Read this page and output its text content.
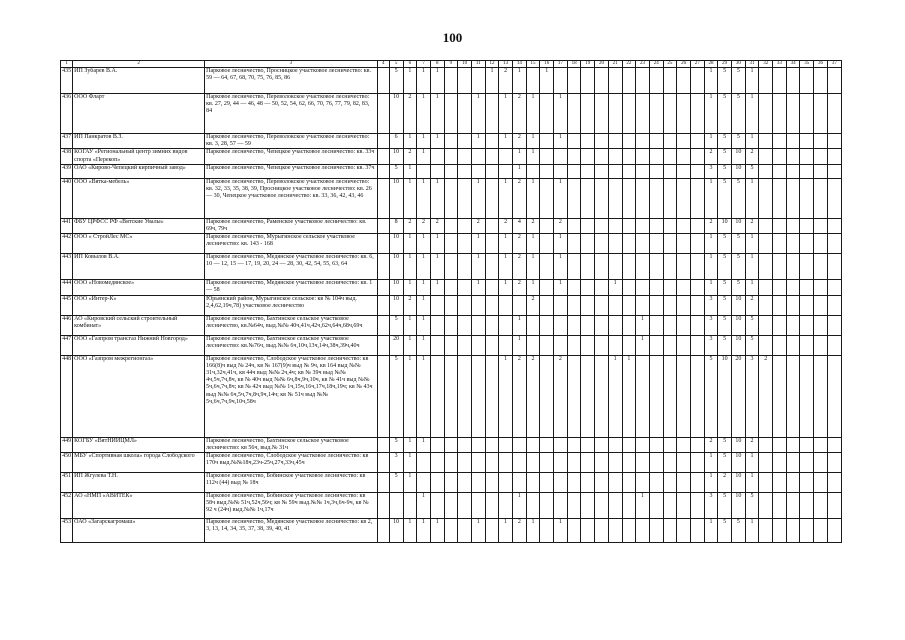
100
1	2	3	4	5	6	7	8	9	10	11	12	13	14	15	16	17	18	19	20	21	22	23	24	25	26	27	28	29	30	31	32	33	34	35	36	37
435	ИП Зубарев В.А.	Парковое лесничество, Просницкое участковое лесничество: кв. 59 — 64, 67, 68, 70, 75, 76, 85, 86		5	1	1	1				1	2	1		1												1	5	5	1						
436	ООО Фларт	Парковое лесничество, Переволокское участковое лесничество: кв. 27, 29, 44 — 46, 48 — 50, 52, 54, 62, 66, 70, 76, 77, 79, 82, 83, 84		10	2	1	1			1		1	2	1		1											1	5	5	1						
437	ИП Панкратов В.З.	Парковое лесничество, Переволокское участковое лесничество: кв. 3, 28, 57 — 59		6	1	1	1			1		1	2	1		1											1	5	5	1						
438	КОГАУ «Региональный центр зимних видов спорта «Перекоп»	Парковое лесничество, Чепецкое участковое лесничество: кв. 33ч		10	2	1							1	1													2	5	10	2						
439	ОАО «Кирово-Чепецкий кирпичный завод»	Парковое лесничество, Чепецкое участковое лесничество: кв. 37ч		5	1								1														3	5	10	5						
440	ООО «Вятка-мебель»	Парковое лесничество, Переволокское участковое лесничество: кв. 32, 33, 35, 38, 39, Просницкое участковое лесничество: кв. 26 — 30, Чепецкое участковое лесничество: кв. 33, 36, 42, 43, 46		10	1	1	1			1		1	2	1		1											1	5	5	1						
441	ФБУ ЦРФСС РФ «Вятские Увалы»	Парковое лесничество, Раменское участковое лесничество: кв. 69ч, 79ч		8	2	2	2			2		2	4	2		2											2	10	10	2						
442	ООО « СтройЛес МС»	Парковое лесничество, Мурыгинское сельское участковое лесничество: кв. 143 - 168		10	1	1	1			1		1	2	1		1											1	5	5	1						
443	ИП Ковылов В.А.	Парковое лесничество, Медянское участковое лесничество: кв. 6, 10 — 12, 15 — 17, 19, 20, 24 — 28, 30, 42, 54, 55, 63, 64		10	1	1	1			1		1	2	1		1											1	5	5	1						
444	ООО «Новомедянское»	Парковое лесничество, Медянское участковое лесничество: кв. 1 — 58		10	1	1	1			1		1	2	1		1				1							1	5	5	1						
445	ООО «Интер-К»	Юрьянский район, Мурыгинское сельское: кв № 104ч выд. 2,4,62,19ч,78) участковое лесничество		10	2	1								2													3	5	10	2						
446	АО «Кировский сельский строительный комбинат»	Парковое лесничество, Бахтинское сельское участковое лесничество, кв.№64ч, выд.№№ 40ч,41ч,42ч,62ч,64ч,68ч,69ч		5	1	1							1									1					3	5	10	5						
447	ООО «Газпром трансгаз Нижний Новгород»	Парковое лесничество, Бахтинское сельское участковое лесничество: кв.№76ч, выд.№№ 6ч,10ч,13ч,14ч,38ч,39ч,40ч		20	1	1							1									1					3	5	10	5						
448	ООО «Газпром межрегионгаз»	Парковое лесничество, Слободское участковое лесничество: кв 166(8)ч выд № 24ч, кв № 167(9)ч выд № 9ч, кв 164 выд №№ 31ч,32ч,41ч, кв 44ч выд №№ 2ч,4ч; кв № 39ч выд №№ 4ч,5ч,7ч,8ч, кв № 40ч выд №№ 6ч,8ч,9ч,10ч, кв № 41ч выд №№ 5ч,6ч,7ч,8ч; кв № 42ч выд №№ 1ч,15ч,16ч,17ч,18ч,19ч; кв № 43ч выд №№ 6ч,5ч,7ч,8ч,9ч,14ч; кв № 51ч выд №№ 5ч,6ч,7ч,9ч,10ч,58ч		5	1	1						1	2	2		2				1	1						5	10	20	3	2					
449	КОГБУ «ВятНИИЦМЛ»	Парковое лесничество, Бахтинское сельское участковое лесничество: кв 56ч, выд.№ 31ч		5	1	1																					2	5	10	2						
450	МБУ «Спортивная школа» города Слободского	Парковое лесничество, Слободское участковое лесничество: кв 170ч выд.№№18ч,23ч-25ч,27ч,33ч,45ч		3	1																						1	5	10	1						
451	ИП Жгулева Т.Н.	Парковое лесничество, Бобинское участковое лесничество: кв 112ч (44) выд № 18ч		5	1																						1	2	10	1						
452	АО «НМП «АВИТЕК»	Парковое лесничество, Бобинское участковое лесничество: кв 58ч выд.№№ 51ч,52ч,56ч; кв № 59ч выд.№№ 1ч,3ч,6ч-9ч, кв № 92 ч (24ч) выд.№№ 1ч,17ч				1							1									1					3	5	10	5						
453	ОАО «Загарскагромаш»	Парковое лесничество, Медянское участковое лесничество: кв 2, 3, 13, 14, 34, 35, 37, 38, 39, 40, 41		10	1	1	1			1		1	2	1		1											1	5	5	1						
